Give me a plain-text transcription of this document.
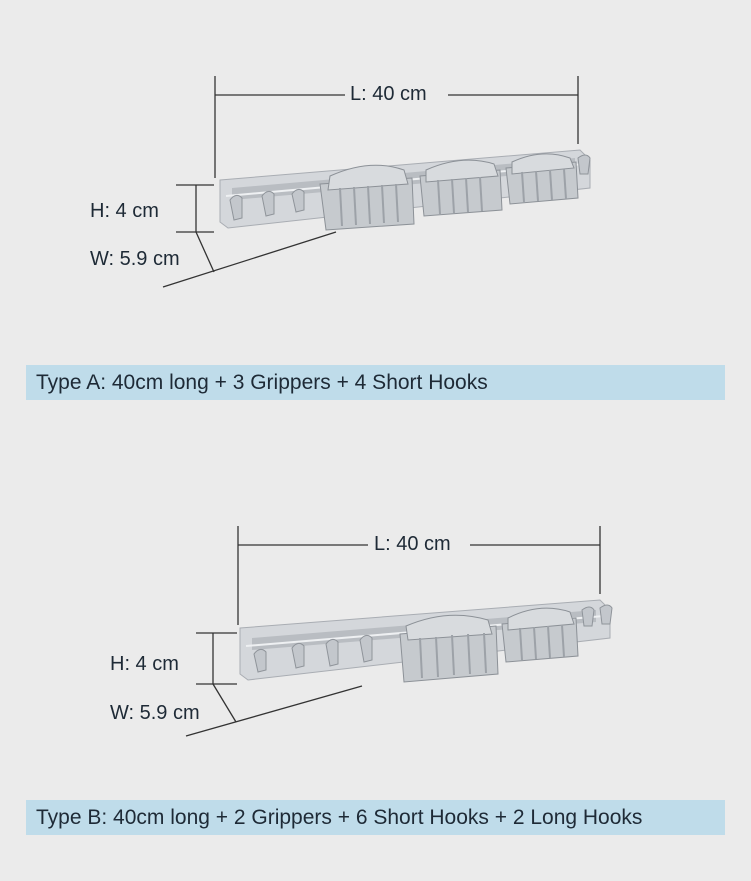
L: 40 cm
H: 4 cm
W: 5.9 cm
Type A: 40cm long + 3 Grippers + 4 Short Hooks
L: 40 cm
H: 4 cm
W: 5.9 cm
Type B: 40cm long + 2 Grippers + 6 Short Hooks + 2 Long Hooks
